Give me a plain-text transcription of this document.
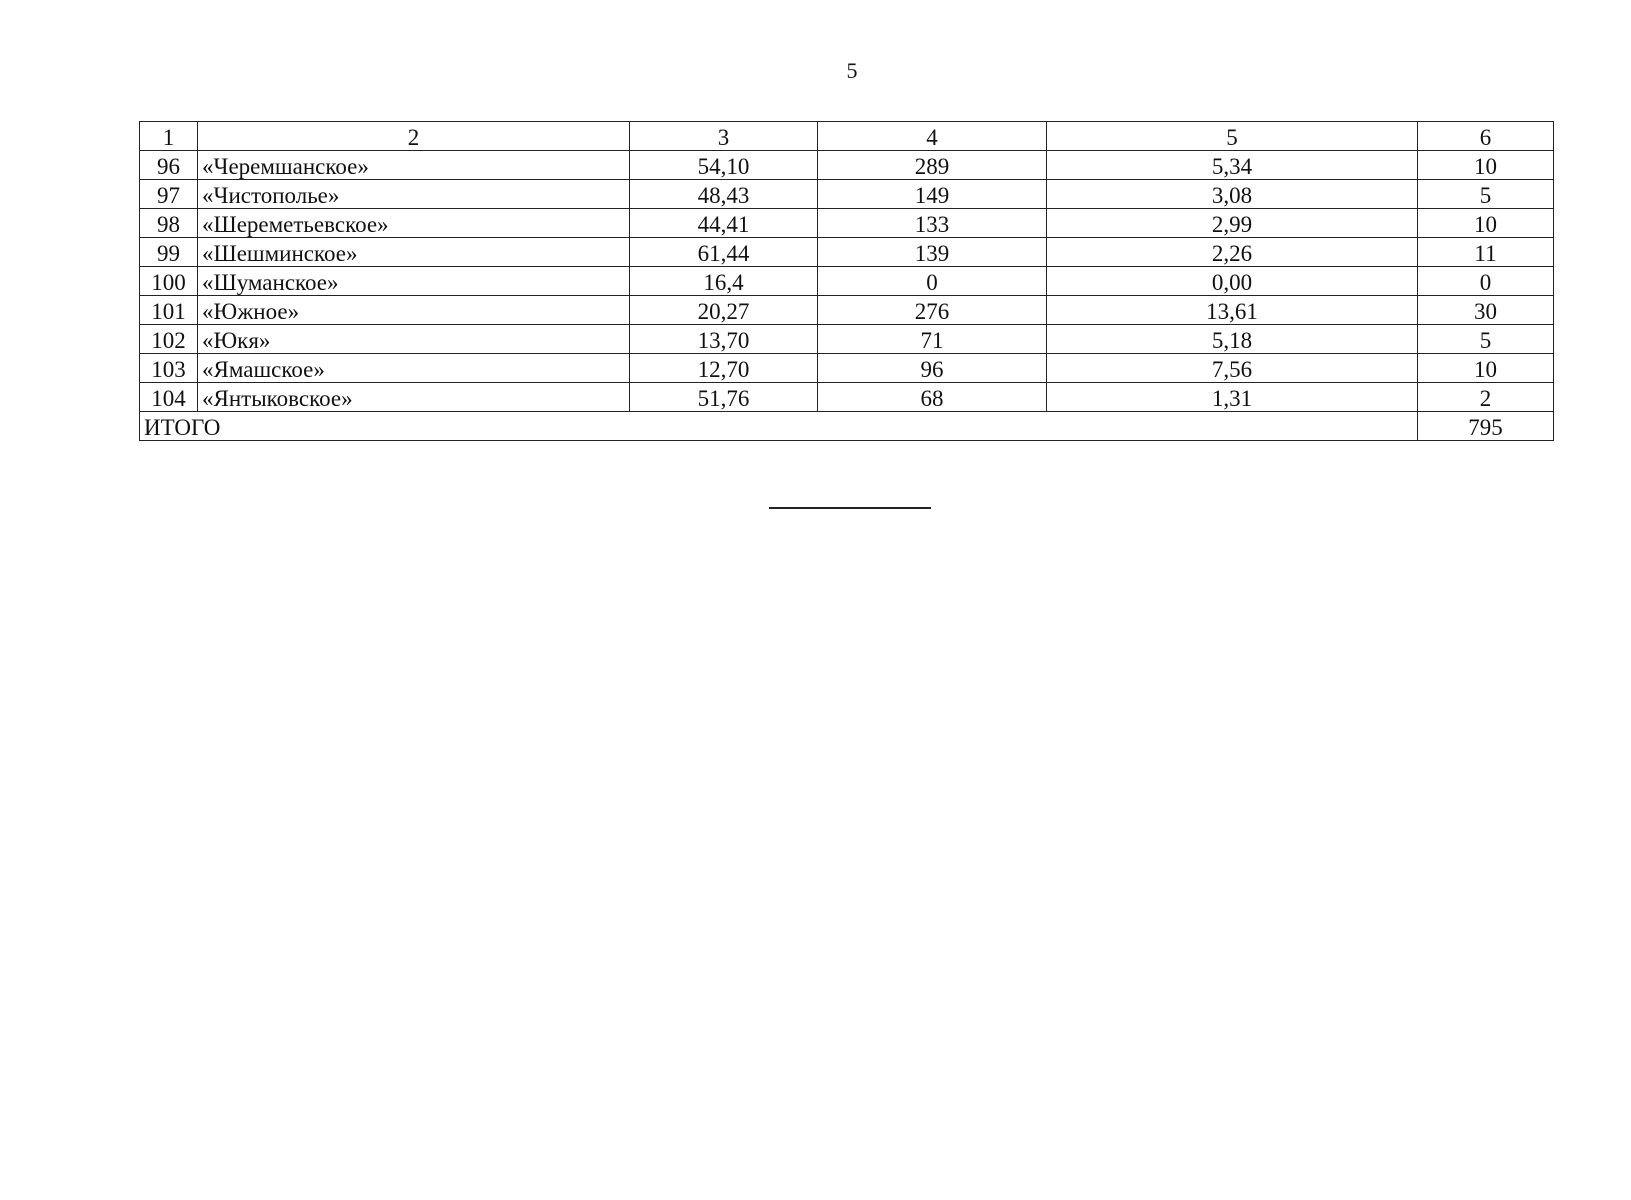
5
1	2	3	4	5	6
96	«Черемшанское»	54,10	289	5,34	10
97	«Чистополье»	48,43	149	3,08	5
98	«Шереметьевское»	44,41	133	2,99	10
99	«Шешминское»	61,44	139	2,26	11
100	«Шуманское»	16,4	0	0,00	0
101	«Южное»	20,27	276	13,61	30
102	«Юкя»	13,70	71	5,18	5
103	«Ямашское»	12,70	96	7,56	10
104	«Янтыковское»	51,76	68	1,31	2
ИТОГО					795
